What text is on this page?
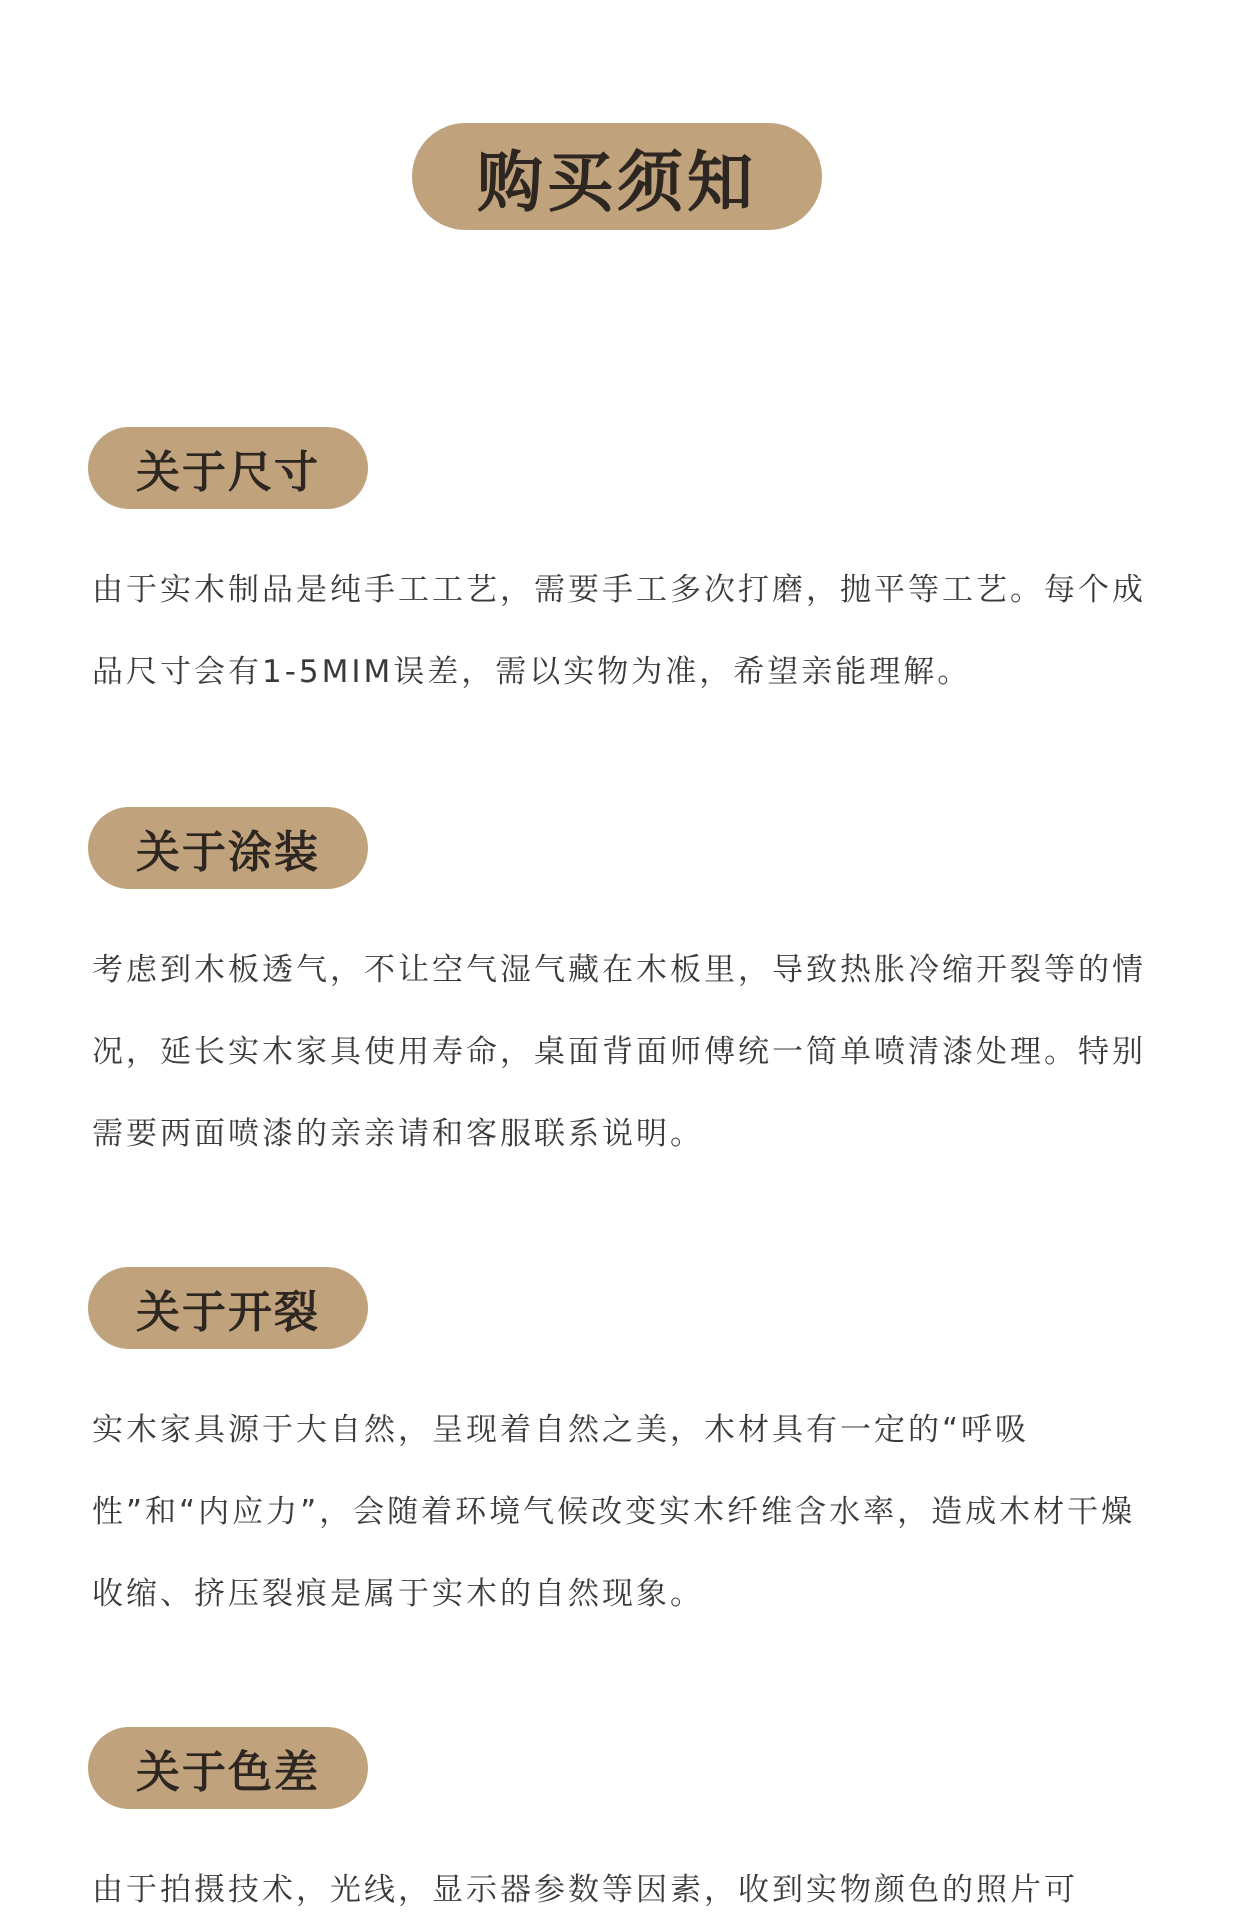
购买须知
关于尺寸

由于实木制品是纯手工工艺，需要手工多次打磨，抛平等工艺。每个成品尺寸会有1-5MIM误差，需以实物为准，希望亲能理解。

关于涂装

考虑到木板透气，不让空气湿气藏在木板里，导致热胀冷缩开裂等的情况，延长实木家具使用寿命，桌面背面师傅统一简单喷清漆处理。特别需要两面喷漆的亲亲请和客服联系说明。

关于开裂

实木家具源于大自然，呈现着自然之美，木材具有一定的“呼吸性”和“内应力”，会随着环境气候改变实木纤维含水率，造成木材干燥收缩、挤压裂痕是属于实木的自然现象。

关于色差

由于拍摄技术，光线，显示器参数等因素，收到实物颜色的照片可
